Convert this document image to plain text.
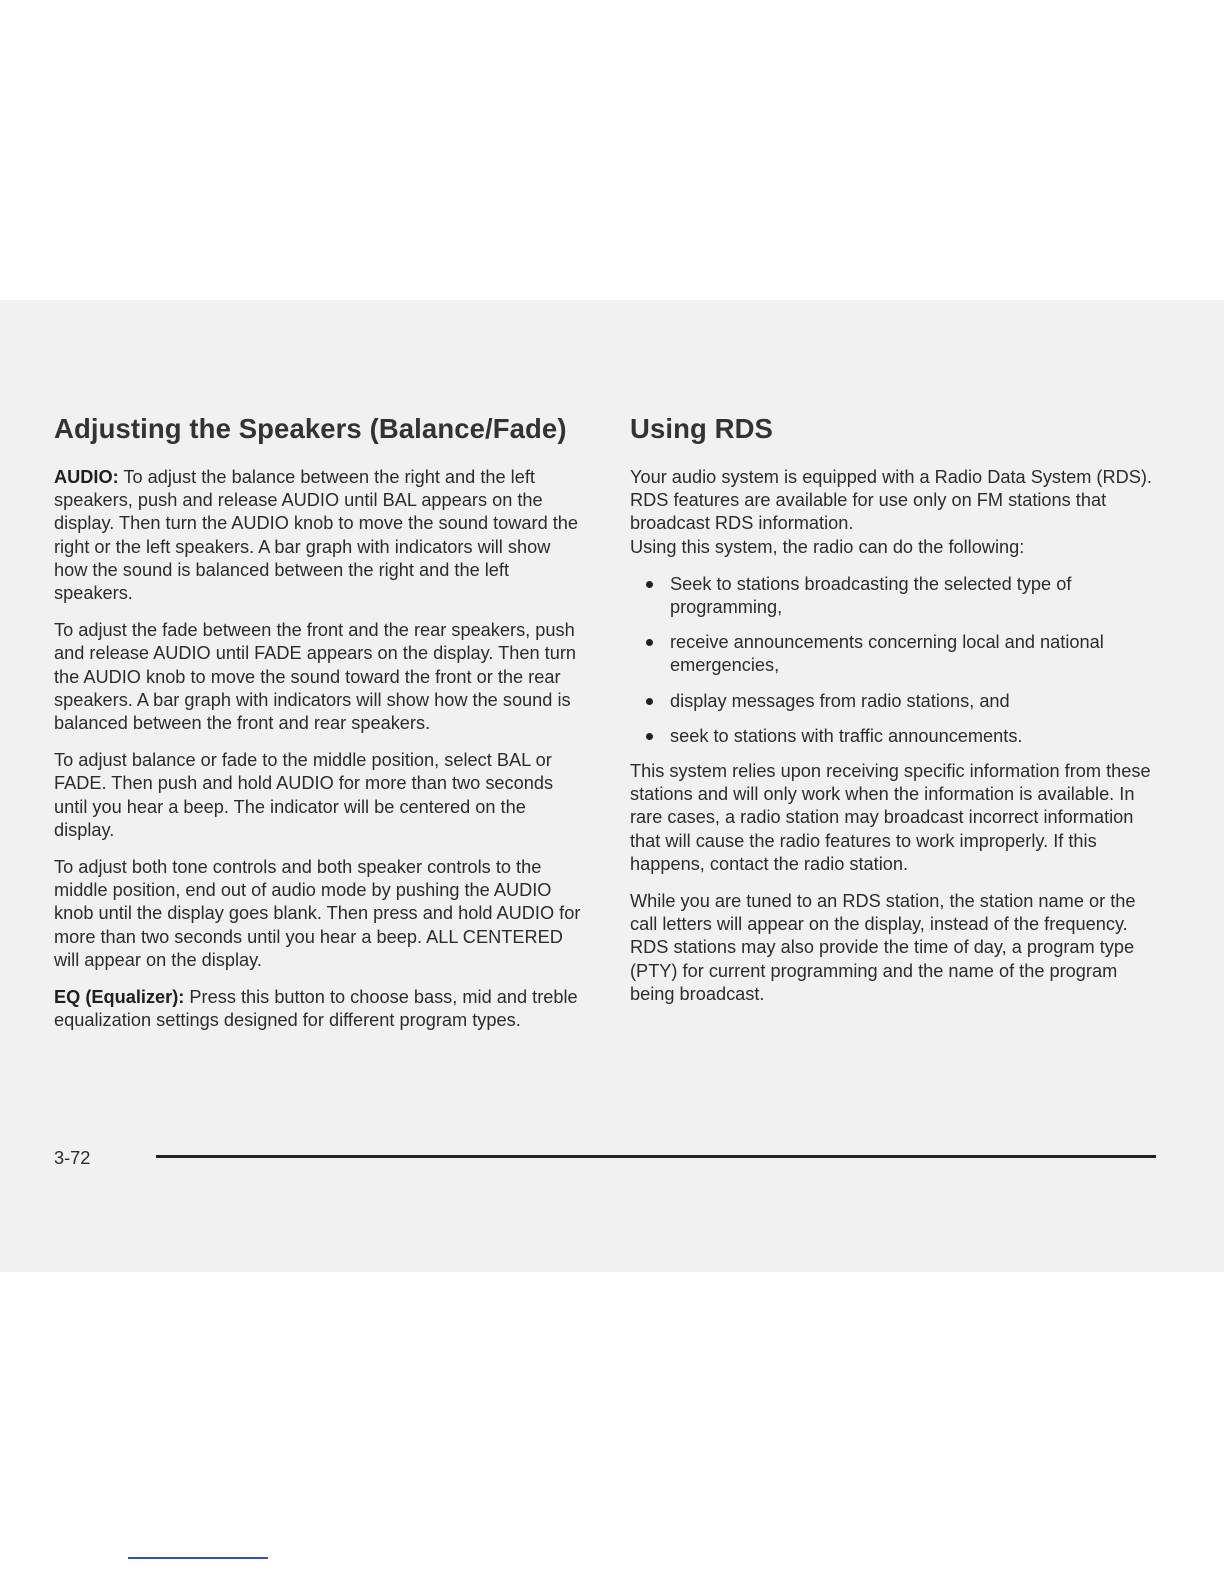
Adjusting the Speakers (Balance/Fade)

AUDIO: To adjust the balance between the right and the left speakers, push and release AUDIO until BAL appears on the display. Then turn the AUDIO knob to move the sound toward the right or the left speakers. A bar graph with indicators will show how the sound is balanced between the right and the left speakers.

To adjust the fade between the front and the rear speakers, push and release AUDIO until FADE appears on the display. Then turn the AUDIO knob to move the sound toward the front or the rear speakers. A bar graph with indicators will show how the sound is balanced between the front and rear speakers.

To adjust balance or fade to the middle position, select BAL or FADE. Then push and hold AUDIO for more than two seconds until you hear a beep. The indicator will be centered on the display.

To adjust both tone controls and both speaker controls to the middle position, end out of audio mode by pushing the AUDIO knob until the display goes blank. Then press and hold AUDIO for more than two seconds until you hear a beep. ALL CENTERED will appear on the display.

EQ (Equalizer): Press this button to choose bass, mid and treble equalization settings designed for different program types.

Using RDS

Your audio system is equipped with a Radio Data System (RDS). RDS features are available for use only on FM stations that broadcast RDS information.

Using this system, the radio can do the following:

Seek to stations broadcasting the selected type of programming,
receive announcements concerning local and national emergencies,
display messages from radio stations, and
seek to stations with traffic announcements.

This system relies upon receiving specific information from these stations and will only work when the information is available. In rare cases, a radio station may broadcast incorrect information that will cause the radio features to work improperly. If this happens, contact the radio station.

While you are tuned to an RDS station, the station name or the call letters will appear on the display, instead of the frequency. RDS stations may also provide the time of day, a program type (PTY) for current programming and the name of the program being broadcast.

3-72
